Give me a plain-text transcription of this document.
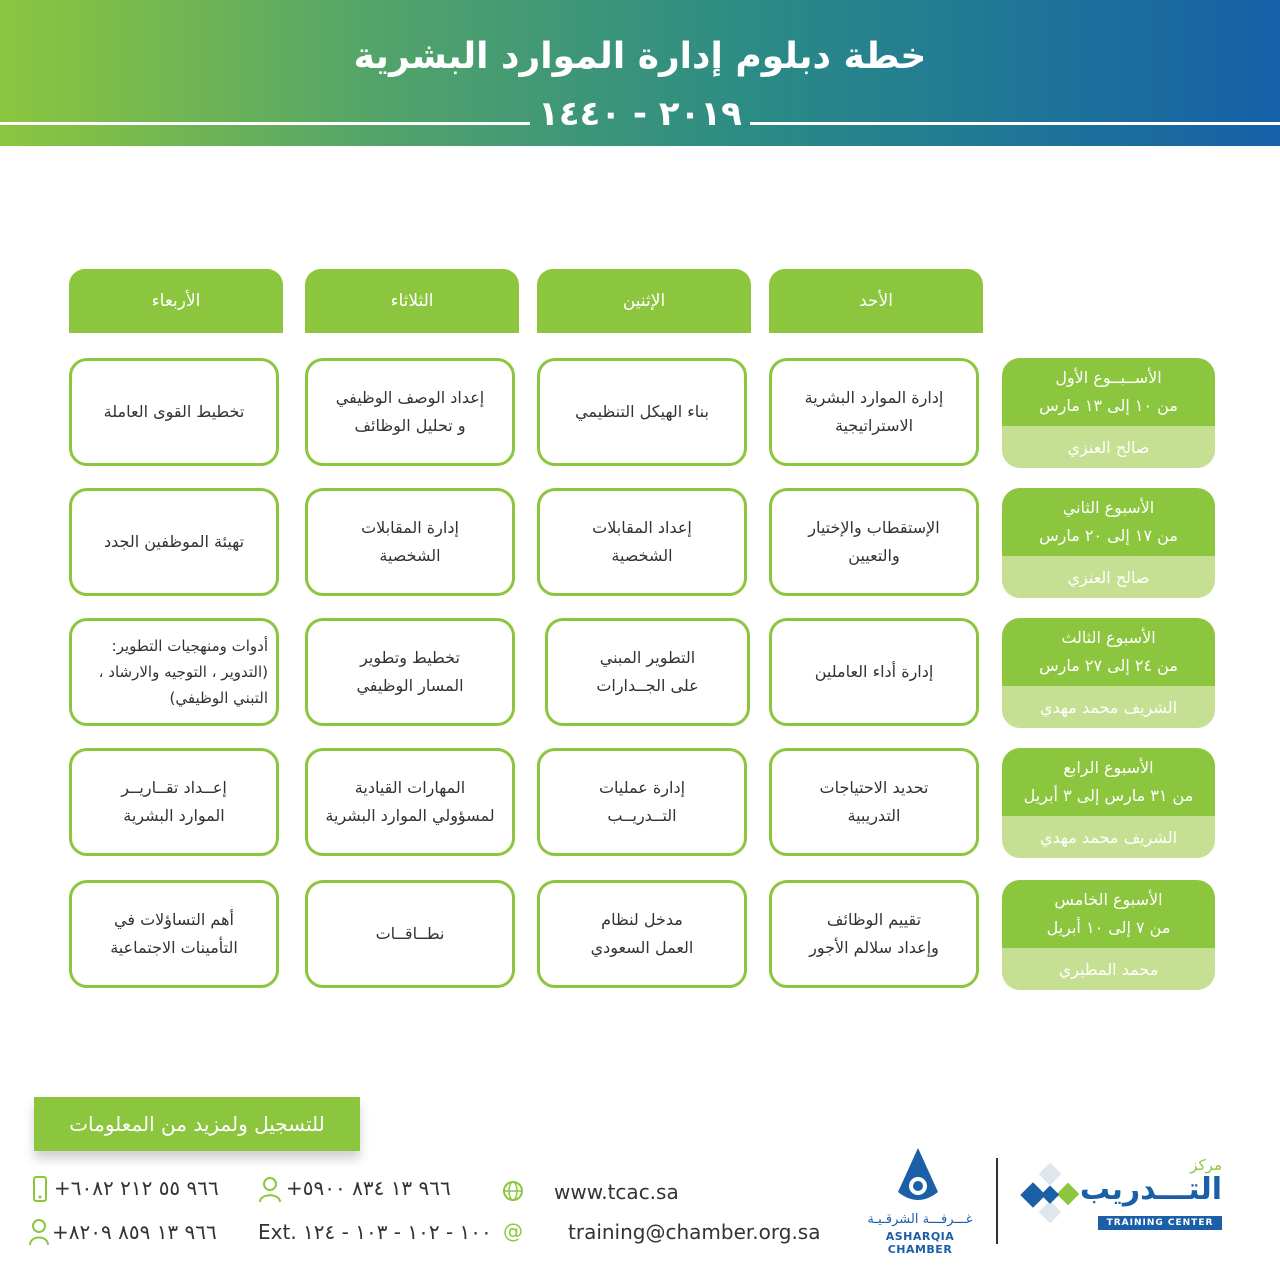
خطة دبلوم إدارة الموارد البشرية
٢٠١٩ - ١٤٤٠
الأحد
الإثنين
الثلاثاء
الأربعاء
الأســبــوع الأول
من ١٠ إلى ١٣ مارس
صالح العنزي
إدارة الموارد البشرية
الاستراتيجية
بناء الهيكل التنظيمي
إعداد الوصف الوظيفي
و تحليل الوظائف
تخطيط القوى العاملة
الأسبوع الثاني
من ١٧ إلى ٢٠ مارس
صالح العنزي
الإستقطاب والإختيار
والتعيين
إعداد المقابلات
الشخصية
إدارة المقابلات
الشخصية
تهيئة الموظفين الجدد
الأسبوع الثالث
من ٢٤ إلى ٢٧ مارس
الشريف محمد مهدي
إدارة أداء العاملين
التطوير المبني
على الجــدارات
تخطيط وتطوير
المسار الوظيفي
أدوات ومنهجيات التطوير:
(التدوير ، التوجيه والارشاد ،
التبني الوظيفي)
الأسبوع الرابع
من ٣١ مارس إلى ٣ أبريل
الشريف محمد مهدي
تحديد الاحتياجات
التدريبية
إدارة عمليات
التــدريــب
المهارات القيادية
لمسؤولي الموارد البشرية
إعــداد تقــاريــر
الموارد البشرية
الأسبوع الخامس
من ٧ إلى ١٠ أبريل
محمد المطيري
تقييم الوظائف
وإعداد سلالم الأجور
مدخل لنظام
العمل السعودي
نطــاقــات
أهم التساؤلات في
التأمينات الاجتماعية
للتسجيل ولمزيد من المعلومات
+٩٦٦ ٥٥ ٢١٢ ٦٠٨٢	+٩٦٦ ١٣ ٨٣٤ ٥٩٠٠
+٩٦٦ ١٣ ٨٥٩ ٨٢٠٩ Ext. ١٠٠ - ١٠٢ - ١٠٣ - ١٢٤
www.tcac.sa
@ training@chamber.org.sa
غـــرفـــة الشرقـيـة
ASHARQIA CHAMBER
مركز
التـــدريب
TRAINING CENTER
